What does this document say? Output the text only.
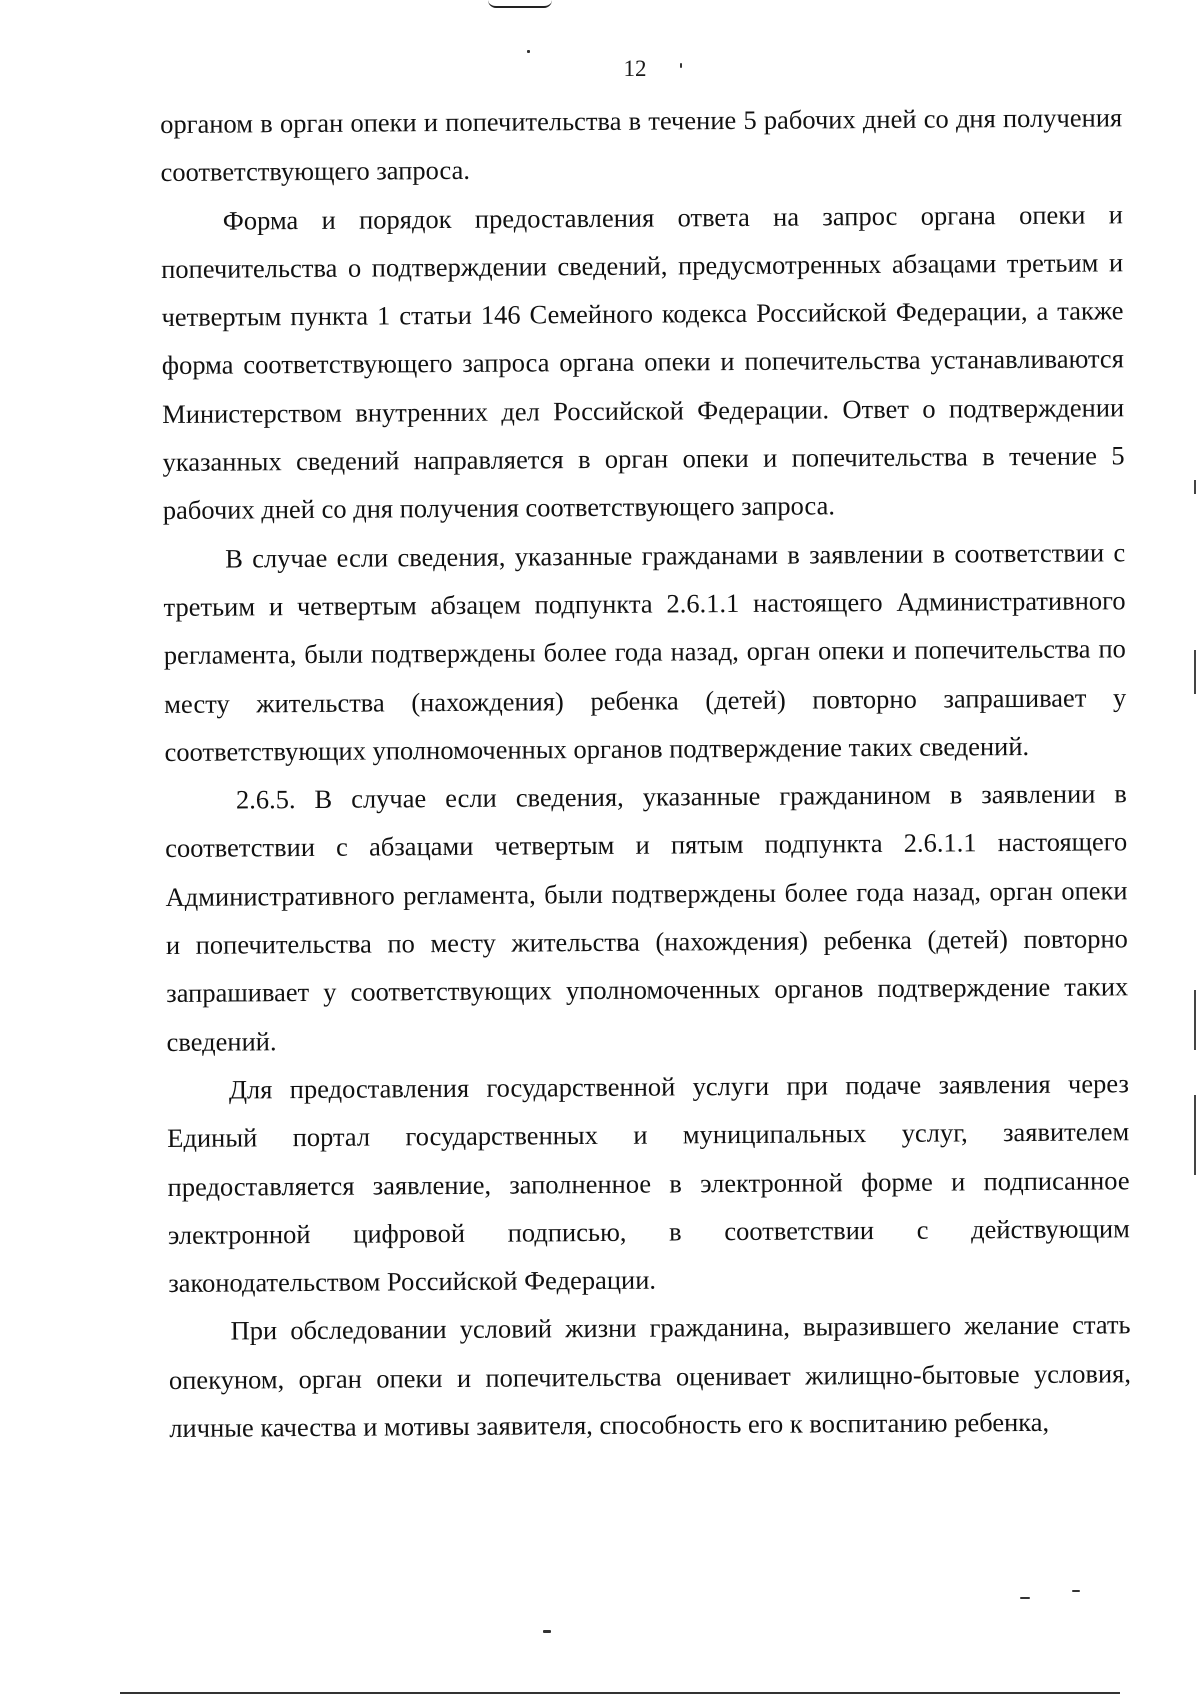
12

органом в орган опеки и попечительства в течение 5 рабочих дней со дня получения соответствующего запроса.

Форма и порядок предоставления ответа на запрос органа опеки и попечительства о подтверждении сведений, предусмотренных абзацами третьим и четвертым пункта 1 статьи 146 Семейного кодекса Российской Федерации, а также форма соответствующего запроса органа опеки и попечительства устанавливаются Министерством внутренних дел Российской Федерации. Ответ о подтверждении указанных сведений направляется в орган опеки и попечительства в течение 5 рабочих дней со дня получения соответствующего запроса.

В случае если сведения, указанные гражданами в заявлении в соответствии с третьим и четвертым абзацем подпункта 2.6.1.1 настоящего Административного регламента, были подтверждены более года назад, орган опеки и попечительства по месту жительства (нахождения) ребенка (детей) повторно запрашивает у соответствующих уполномоченных органов подтверждение таких сведений.

2.6.5. В случае если сведения, указанные гражданином в заявлении в соответствии с абзацами четвертым и пятым подпункта 2.6.1.1 настоящего Административного регламента, были подтверждены более года назад, орган опеки и попечительства по месту жительства (нахождения) ребенка (детей) повторно запрашивает у соответствующих уполномоченных органов подтверждение таких сведений.

Для предоставления государственной услуги при подаче заявления через Единый портал государственных и муниципальных услуг, заявителем предоставляется заявление, заполненное в электронной форме и подписанное электронной цифровой подписью, в соответствии с действующим законодательством Российской Федерации.

При обследовании условий жизни гражданина, выразившего желание стать опекуном, орган опеки и попечительства оценивает жилищно-бытовые условия, личные качества и мотивы заявителя, способность его к воспитанию ребенка,
